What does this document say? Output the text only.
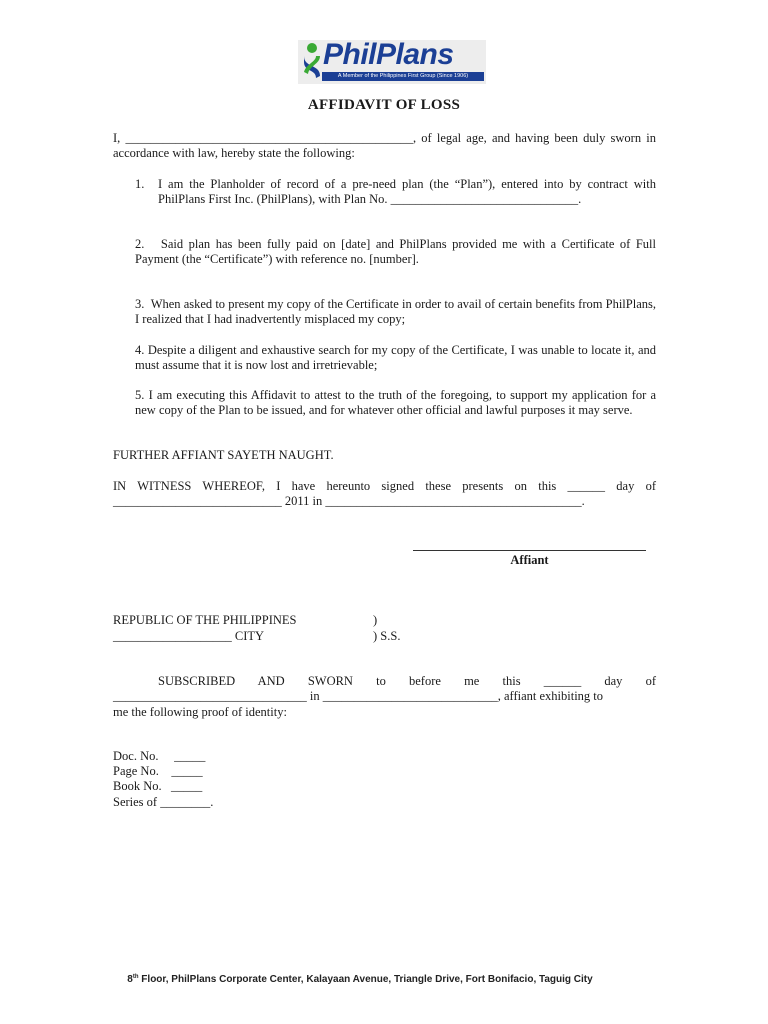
PhilPlans
A Member of the Philippines First Group (Since 1906)
AFFIDAVIT OF LOSS
I, ______________________________________________, of legal age, and having been duly sworn in accordance with law, hereby state the following:
1. I am the Planholder of record of a pre-need plan (the “Plan”), entered into by contract with PhilPlans First Inc. (PhilPlans), with Plan No. ______________________________.
2. Said plan has been fully paid on [date] and PhilPlans provided me with a Certificate of Full Payment (the “Certificate”) with reference no. [number].
3. When asked to present my copy of the Certificate in order to avail of certain benefits from PhilPlans, I realized that I had inadvertently misplaced my copy;
4. Despite a diligent and exhaustive search for my copy of the Certificate, I was unable to locate it, and must assume that it is now lost and irretrievable;
5. I am executing this Affidavit to attest to the truth of the foregoing, to support my application for a new copy of the Plan to be issued, and for whatever other official and lawful purposes it may serve.
FURTHER AFFIANT SAYETH NAUGHT.
IN WITNESS WHEREOF, I have hereunto signed these presents on this ______ day of ___________________________ 2011 in _________________________________________.
Affiant
REPUBLIC OF THE PHILIPPINES	)
___________________ CITY	) S.S.
SUBSCRIBED AND SWORN to before me this ______ day of
_______________________________ in ____________________________, affiant exhibiting to
me the following proof of identity:
Doc. No.     _____
Page No.    _____
Book No.   _____
Series of ________.
8th Floor, PhilPlans Corporate Center, Kalayaan Avenue, Triangle Drive, Fort Bonifacio, Taguig City
